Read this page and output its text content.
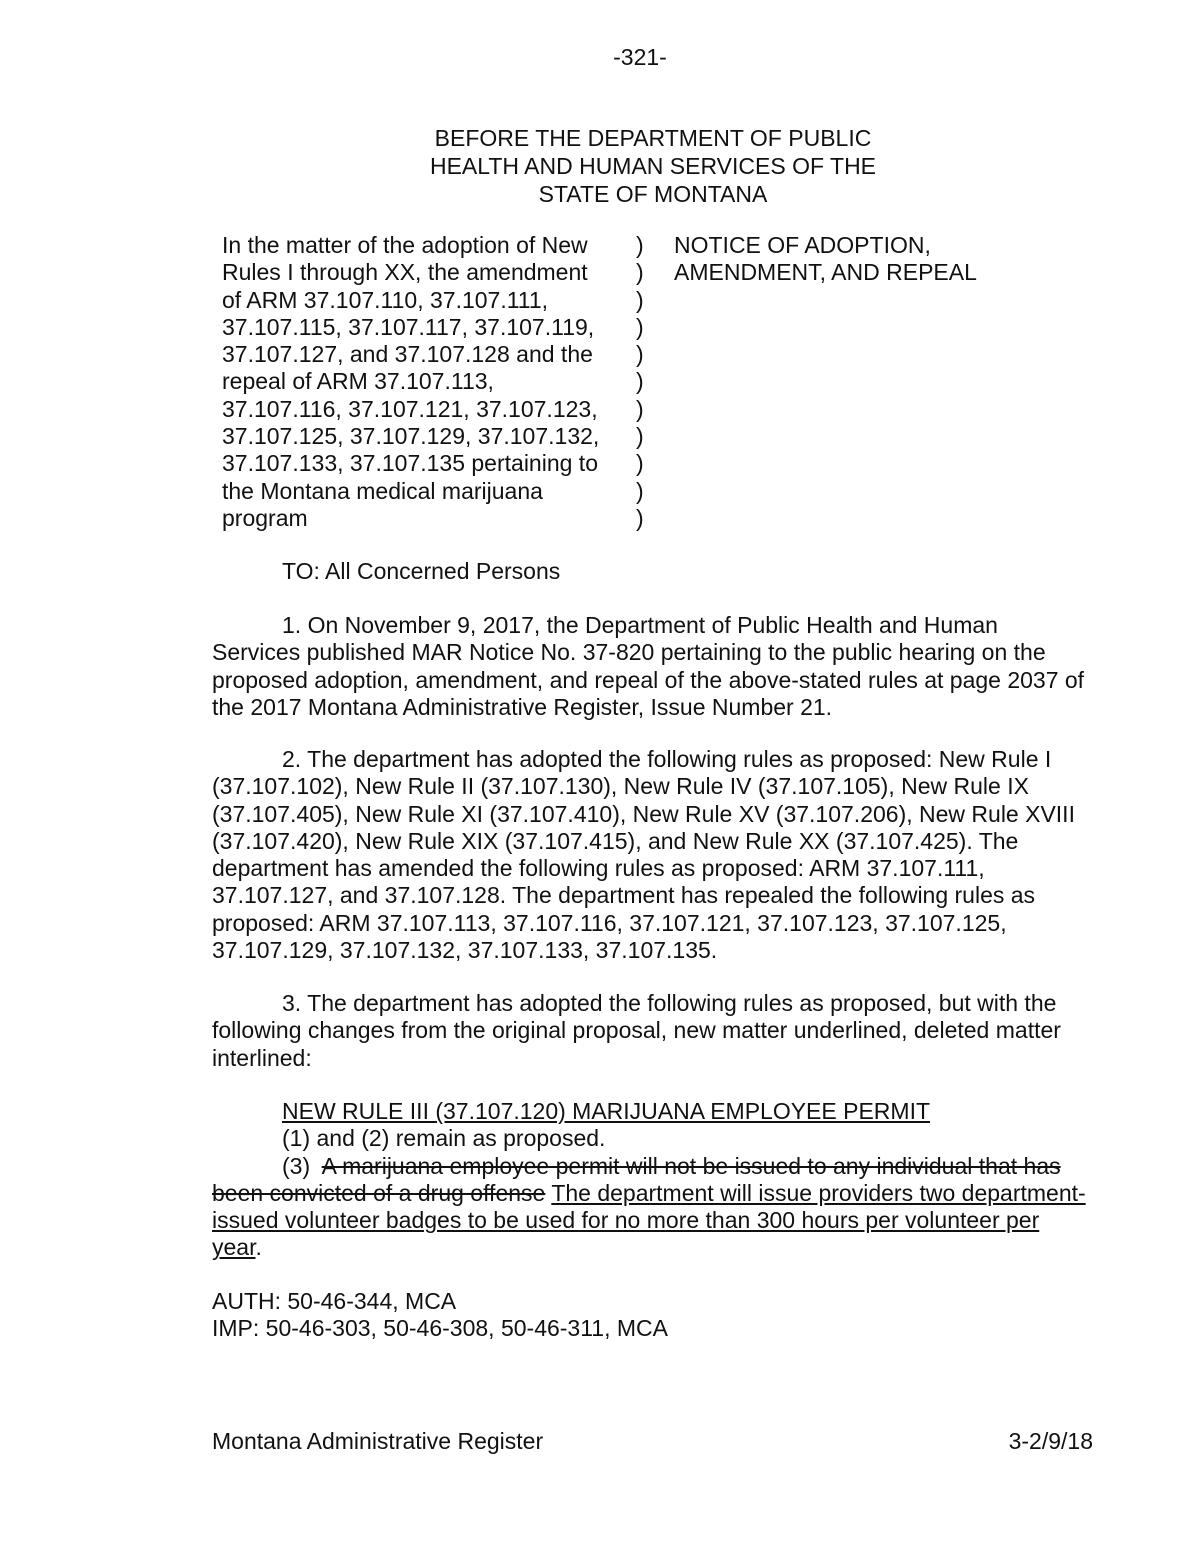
-321-
BEFORE THE DEPARTMENT OF PUBLIC
HEALTH AND HUMAN SERVICES OF THE
STATE OF MONTANA
In the matter of the adoption of New
Rules I through XX, the amendment
of ARM 37.107.110, 37.107.111,
37.107.115, 37.107.117, 37.107.119,
37.107.127, and 37.107.128 and the
repeal of ARM 37.107.113,
37.107.116, 37.107.121, 37.107.123,
37.107.125, 37.107.129, 37.107.132,
37.107.133, 37.107.135 pertaining to
the Montana medical marijuana
program
)
)
)
)
)
)
)
)
)
)
)
NOTICE OF ADOPTION,
AMENDMENT, AND REPEAL
TO: All Concerned Persons

1. On November 9, 2017, the Department of Public Health and Human Services published MAR Notice No. 37-820 pertaining to the public hearing on the proposed adoption, amendment, and repeal of the above-stated rules at page 2037 of the 2017 Montana Administrative Register, Issue Number 21.

2. The department has adopted the following rules as proposed: New Rule I (37.107.102), New Rule II (37.107.130), New Rule IV (37.107.105), New Rule IX (37.107.405), New Rule XI (37.107.410), New Rule XV (37.107.206), New Rule XVIII (37.107.420), New Rule XIX (37.107.415), and New Rule XX (37.107.425). The department has amended the following rules as proposed: ARM 37.107.111, 37.107.127, and 37.107.128. The department has repealed the following rules as proposed: ARM 37.107.113, 37.107.116, 37.107.121, 37.107.123, 37.107.125, 37.107.129, 37.107.132, 37.107.133, 37.107.135.

3. The department has adopted the following rules as proposed, but with the following changes from the original proposal, new matter underlined, deleted matter interlined:

NEW RULE III (37.107.120) MARIJUANA EMPLOYEE PERMIT
(1) and (2) remain as proposed.
(3) A marijuana employee permit will not be issued to any individual that has been convicted of a drug offense The department will issue providers two department-issued volunteer badges to be used for no more than 300 hours per volunteer per year.
AUTH: 50-46-344, MCA
IMP: 50-46-303, 50-46-308, 50-46-311, MCA
Montana Administrative Register	3-2/9/18
